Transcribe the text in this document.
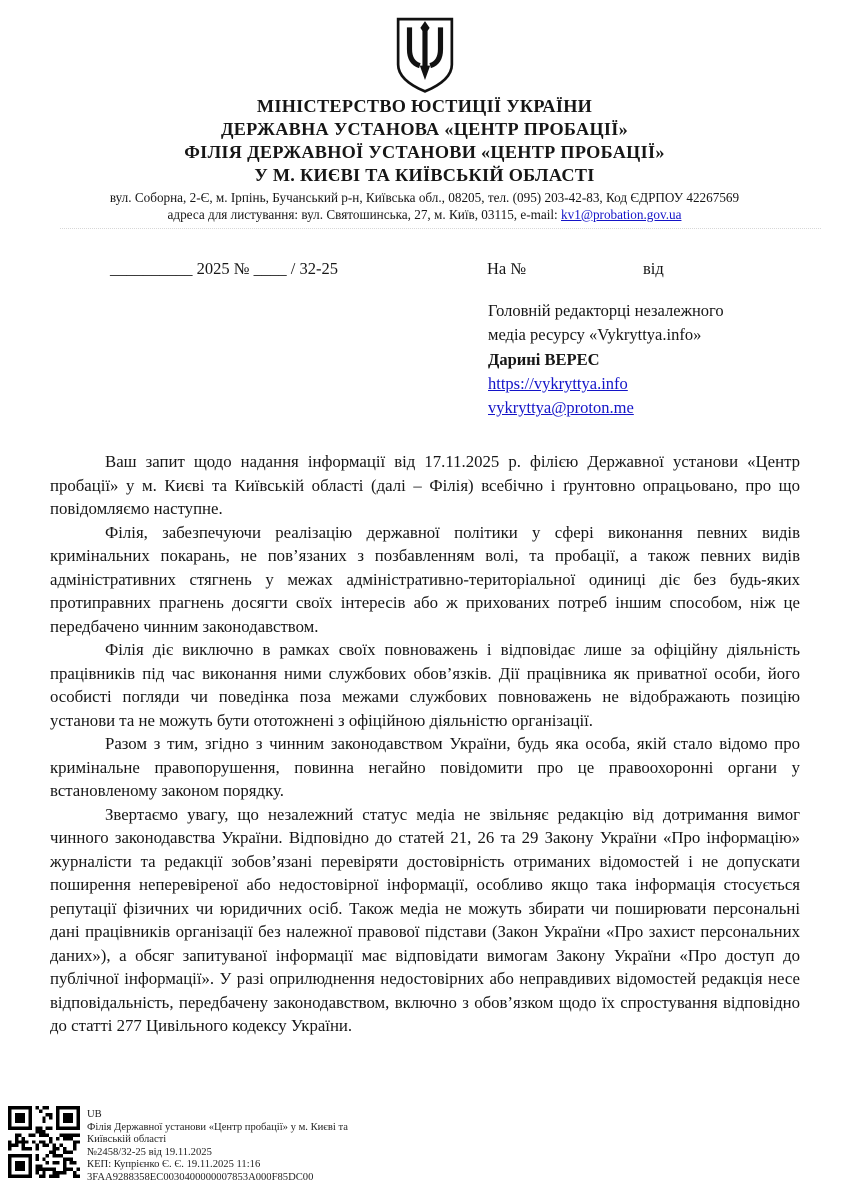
МІНІСТЕРСТВО ЮСТИЦІЇ УКРАЇНИ
ДЕРЖАВНА УСТАНОВА «ЦЕНТР ПРОБАЦІЇ»
ФІЛІЯ ДЕРЖАВНОЇ УСТАНОВИ «ЦЕНТР ПРОБАЦІЇ»
У М. КИЄВІ ТА КИЇВСЬКІЙ ОБЛАСТІ
вул. Соборна, 2-Є, м. Ірпінь, Бучанський р-н, Київська обл., 08205, тел. (095) 203-42-83, Код ЄДРПОУ 42267569
адреса для листування: вул. Святошинська, 27, м. Київ, 03115, e-mail: kv1@probation.gov.ua
__________ 2025 № ____ / 32-25	На №	від
Головній редакторці незалежного
медіа ресурсу «Vykryttya.info»
Дарині ВЕРЕС
https://vykryttya.info
vykryttya@proton.me

Ваш запит щодо надання інформації від 17.11.2025 р. філією Державної установи «Центр пробації» у м. Києві та Київській області (далі – Філія) всебічно і ґрунтовно опрацьовано, про що повідомляємо наступне.

Філія, забезпечуючи реалізацію державної політики у сфері виконання певних видів кримінальних покарань, не пов’язаних з позбавленням волі, та пробації, а також певних видів адміністративних стягнень у межах адміністративно-територіальної одиниці діє без будь-яких протиправних прагнень досягти своїх інтересів або ж прихованих потреб іншим способом, ніж це передбачено чинним законодавством.

Філія діє виключно в рамках своїх повноважень і відповідає лише за офіційну діяльність працівників під час виконання ними службових обов’язків. Дії працівника як приватної особи, його особисті погляди чи поведінка поза межами службових повноважень не відображають позицію установи та не можуть бути ототожнені з офіційною діяльністю організації.

Разом з тим, згідно з чинним законодавством України, будь яка особа, якій стало відомо про кримінальне правопорушення, повинна негайно повідомити про це правоохоронні органи у встановленому законом порядку.

Звертаємо увагу, що незалежний статус медіа не звільняє редакцію від дотримання вимог чинного законодавства України. Відповідно до статей 21, 26 та 29 Закону України «Про інформацію» журналісти та редакції зобов’язані перевіряти достовірність отриманих відомостей і не допускати поширення неперевіреної або недостовірної інформації, особливо якщо така інформація стосується репутації фізичних чи юридичних осіб. Також медіа не можуть збирати чи поширювати персональні дані працівників організації без належної правової підстави (Закон України «Про захист персональних даних»), а обсяг запитуваної інформації має відповідати вимогам Закону України «Про доступ до публічної інформації». У разі оприлюднення недостовірних або неправдивих відомостей редакція несе відповідальність, передбачену законодавством, включно з обов’язком щодо їх спростування відповідно до статті 277 Цивільного кодексу України.

UB
Філія Державної установи «Центр пробації» у м. Києві та
Київській області
№2458/32-25 від 19.11.2025
КЕП: Купрієнко Є. Є. 19.11.2025 11:16
3FAA9288358EC0030400000007853A000F85DC00
